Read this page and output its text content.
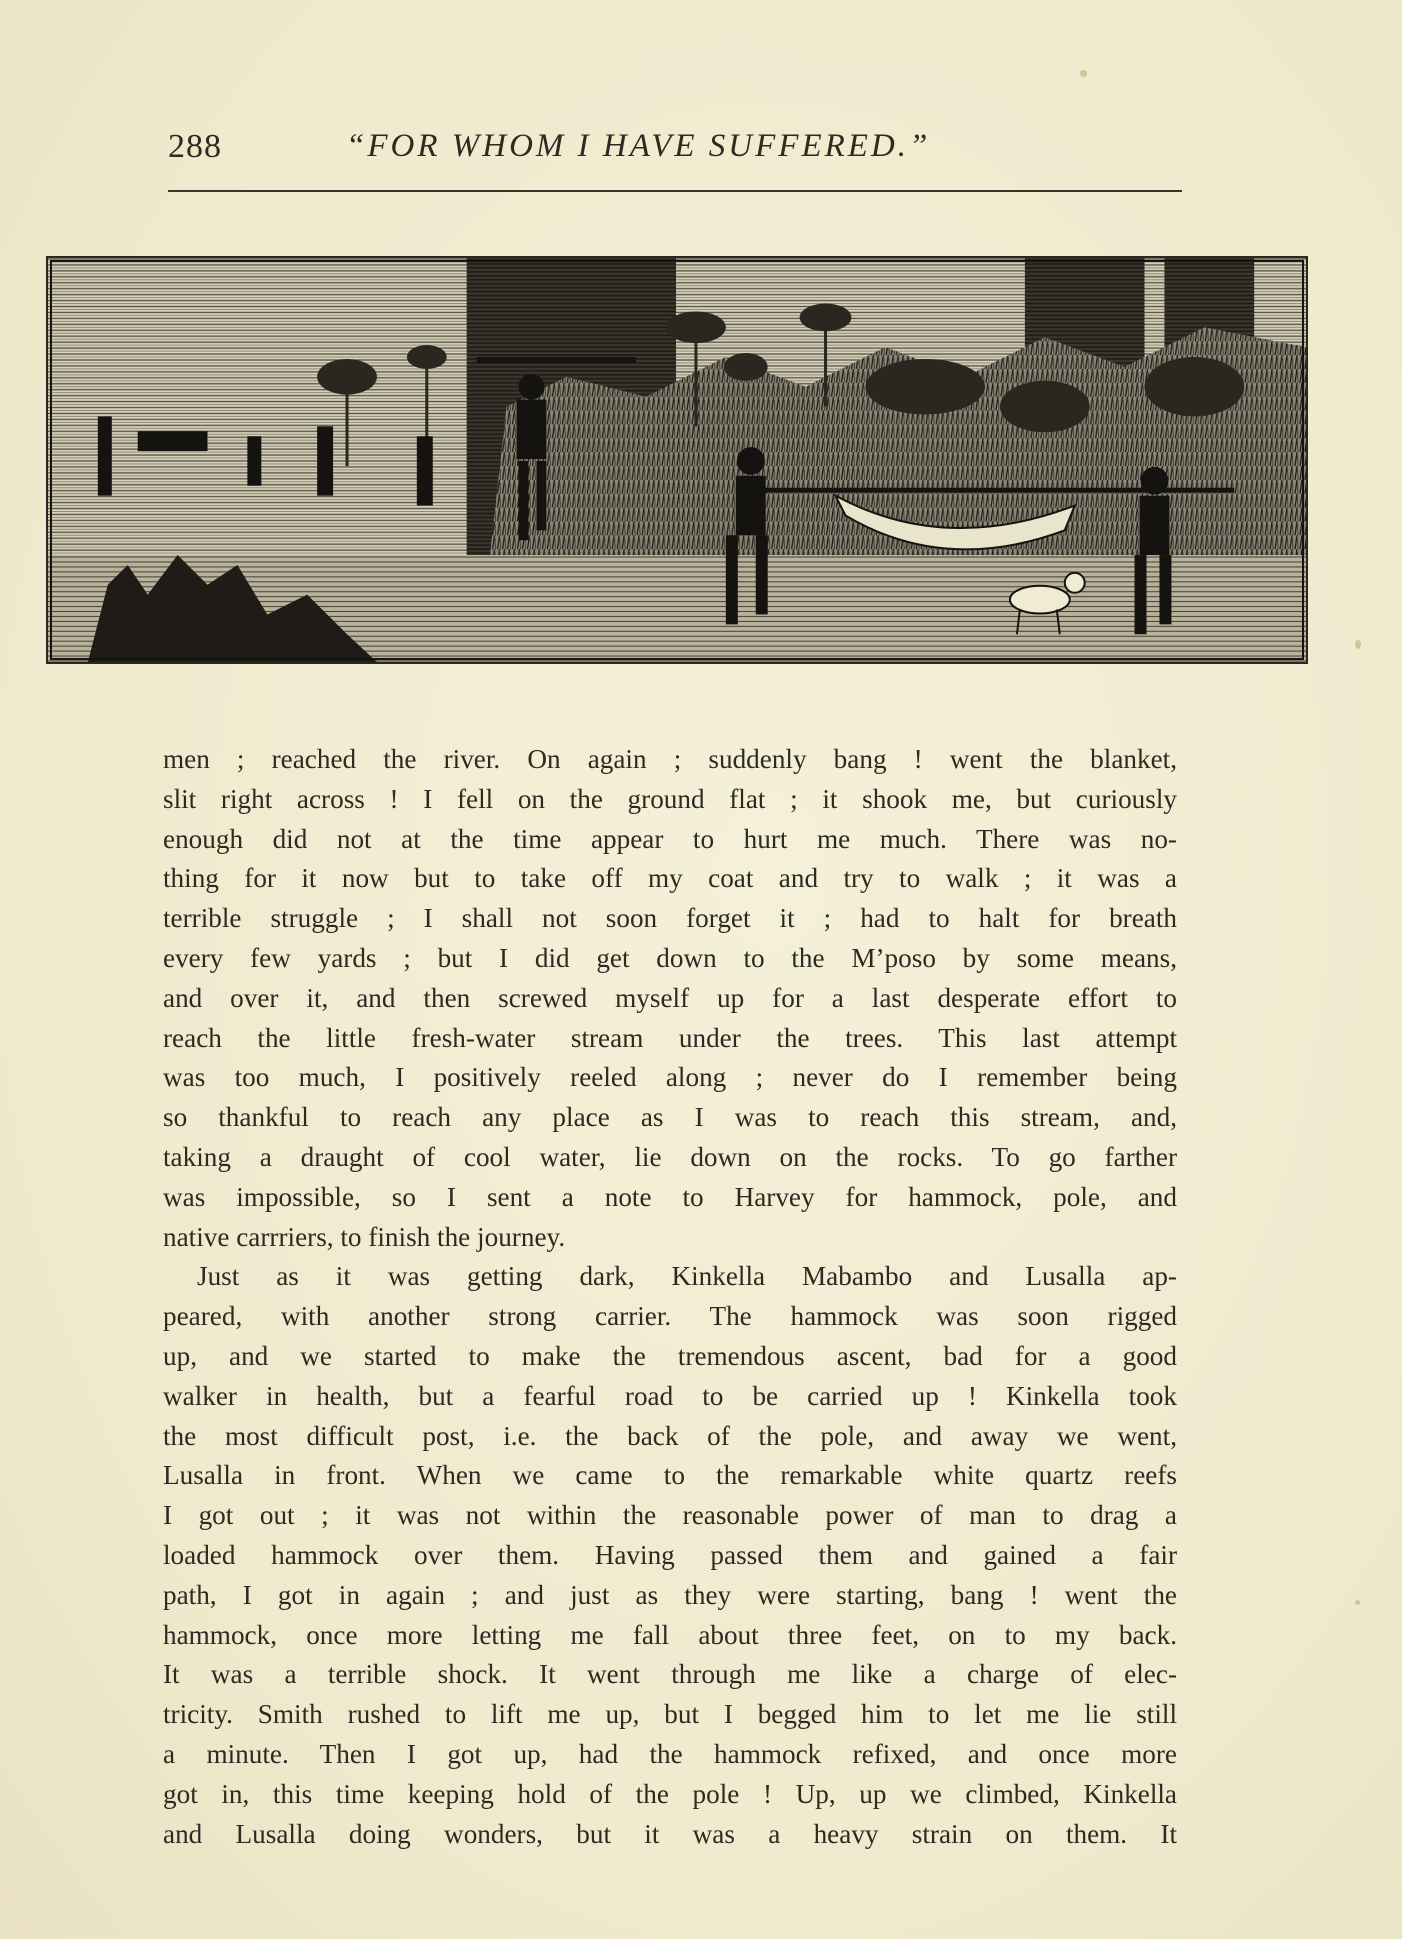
288	“FOR WHOM I HAVE SUFFERED.”
men ; reached the river. On again ; suddenly bang ! went the blanket,
slit right across ! I fell on the ground flat ; it shook me, but curiously
enough did not at the time appear to hurt me much. There was no-
thing for it now but to take off my coat and try to walk ; it was a
terrible struggle ; I shall not soon forget it ; had to halt for breath
every few yards ; but I did get down to the M’poso by some means,
and over it, and then screwed myself up for a last desperate effort to
reach the little fresh-water stream under the trees. This last attempt
was too much, I positively reeled along ; never do I remember being
so thankful to reach any place as I was to reach this stream, and,
taking a draught of cool water, lie down on the rocks. To go farther
was impossible, so I sent a note to Harvey for hammock, pole, and
native carrriers, to finish the journey.
Just as it was getting dark, Kinkella Mabambo and Lusalla ap-
peared, with another strong carrier. The hammock was soon rigged
up, and we started to make the tremendous ascent, bad for a good
walker in health, but a fearful road to be carried up ! Kinkella took
the most difficult post, i.e. the back of the pole, and away we went,
Lusalla in front. When we came to the remarkable white quartz reefs
I got out ; it was not within the reasonable power of man to drag a
loaded hammock over them. Having passed them and gained a fair
path, I got in again ; and just as they were starting, bang ! went the
hammock, once more letting me fall about three feet, on to my back.
It was a terrible shock. It went through me like a charge of elec-
tricity. Smith rushed to lift me up, but I begged him to let me lie still
a minute. Then I got up, had the hammock refixed, and once more
got in, this time keeping hold of the pole ! Up, up we climbed, Kinkella
and Lusalla doing wonders, but it was a heavy strain on them. It
